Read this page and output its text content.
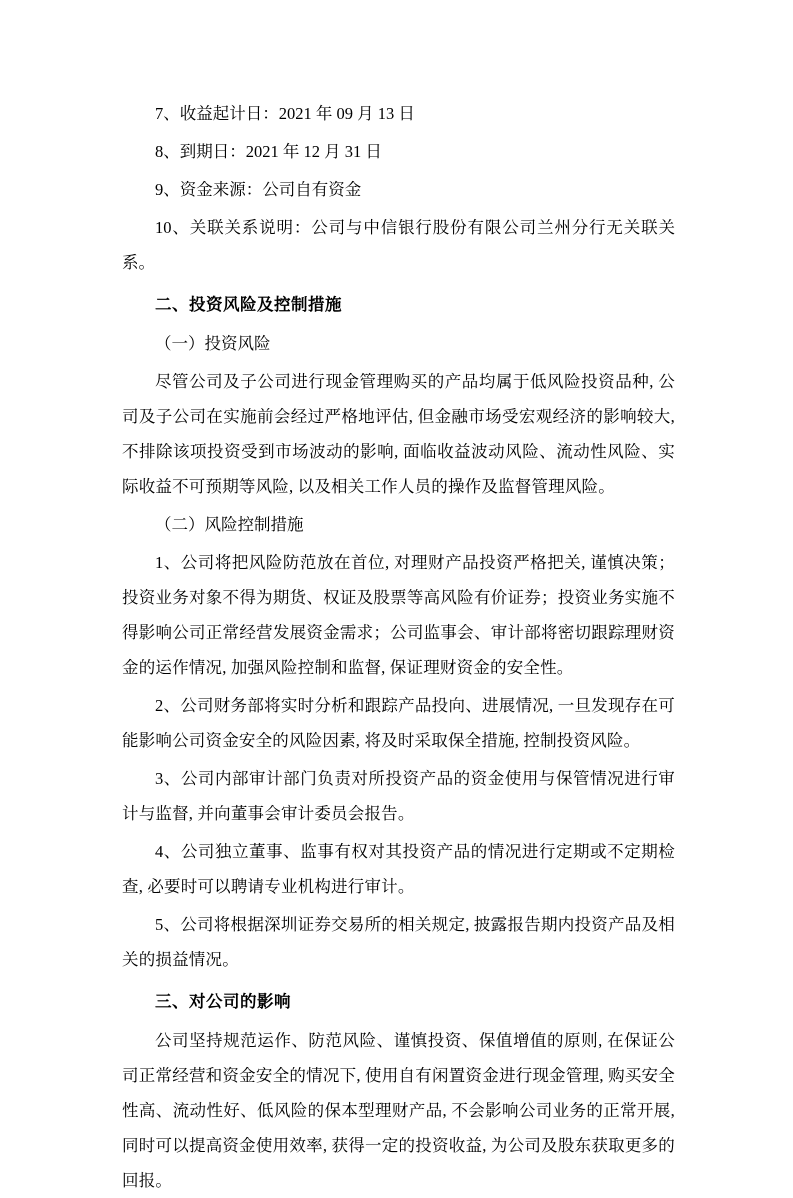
7、收益起计日：2021 年 09 月 13 日

8、到期日：2021 年 12 月 31 日

9、资金来源：公司自有资金

10、关联关系说明：公司与中信银行股份有限公司兰州分行无关联关系。

二、投资风险及控制措施

（一）投资风险

尽管公司及子公司进行现金管理购买的产品均属于低风险投资品种, 公司及子公司在实施前会经过严格地评估, 但金融市场受宏观经济的影响较大, 不排除该项投资受到市场波动的影响, 面临收益波动风险、流动性风险、实际收益不可预期等风险, 以及相关工作人员的操作及监督管理风险。

（二）风险控制措施

1、公司将把风险防范放在首位, 对理财产品投资严格把关, 谨慎决策；投资业务对象不得为期货、权证及股票等高风险有价证券；投资业务实施不得影响公司正常经营发展资金需求；公司监事会、审计部将密切跟踪理财资金的运作情况, 加强风险控制和监督, 保证理财资金的安全性。

2、公司财务部将实时分析和跟踪产品投向、进展情况, 一旦发现存在可能影响公司资金安全的风险因素, 将及时采取保全措施, 控制投资风险。

3、公司内部审计部门负责对所投资产品的资金使用与保管情况进行审计与监督, 并向董事会审计委员会报告。

4、公司独立董事、监事有权对其投资产品的情况进行定期或不定期检查, 必要时可以聘请专业机构进行审计。

5、公司将根据深圳证券交易所的相关规定, 披露报告期内投资产品及相关的损益情况。

三、对公司的影响

公司坚持规范运作、防范风险、谨慎投资、保值增值的原则, 在保证公司正常经营和资金安全的情况下, 使用自有闲置资金进行现金管理, 购买安全性高、流动性好、低风险的保本型理财产品, 不会影响公司业务的正常开展, 同时可以提高资金使用效率, 获得一定的投资收益, 为公司及股东获取更多的回报。
